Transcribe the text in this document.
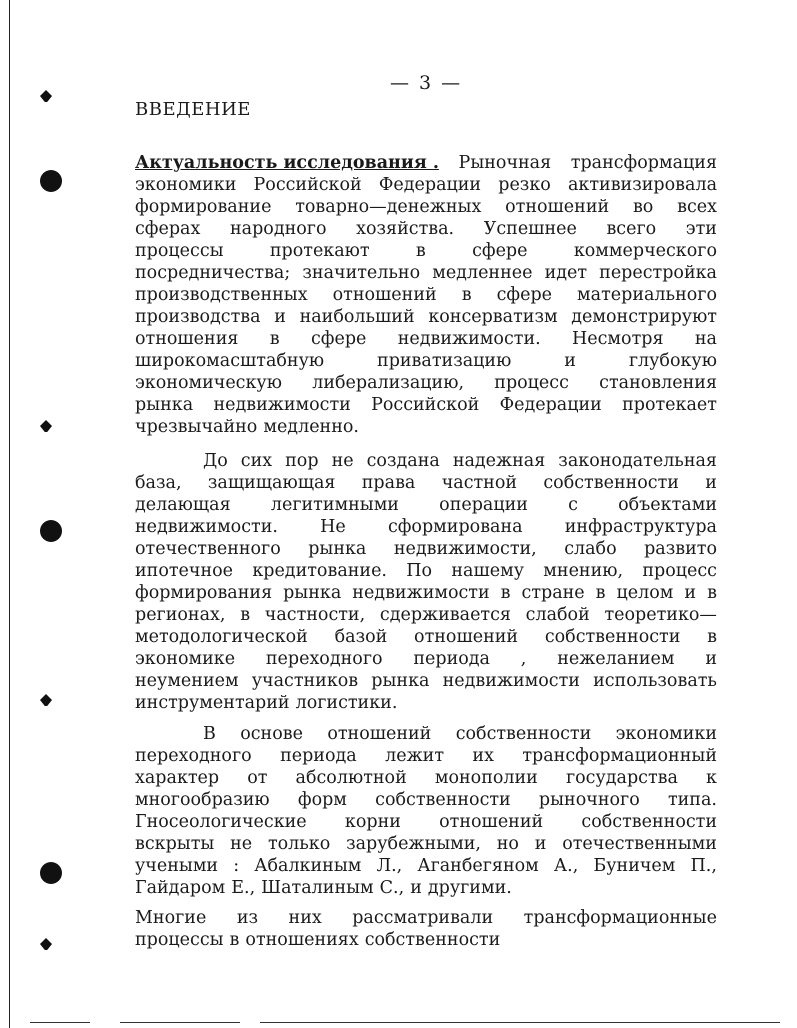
— 3 —
ВВЕДЕНИЕ
Актуальность исследования . Рыночная трансформация
экономики Российской Федерации резко активизировала
формирование товарно—денежных отношений во всех
сферах народного хозяйства. Успешнее всего эти
процессы	протекают	в	сфере	коммерческого
посредничества; значительно медленнее идет перестройка
производственных отношений в сфере материального
производства и наибольший консерватизм демонстрируют
отношения в сфере недвижимости. Несмотря на
широкомасштабную	приватизацию	и	глубокую
экономическую либерализацию, процесс становления
рынка недвижимости Российской Федерации протекает
чрезвычайно медленно.
До сих пор не создана надежная законодательная
база, защищающая права частной собственности и
делающая легитимными операции с объектами
недвижимости. Не сформирована инфраструктура
отечественного рынка недвижимости, слабо развито
ипотечное кредитование. По нашему мнению, процесс
формирования рынка недвижимости в стране в целом и в
регионах, в частности, сдерживается слабой теоретико—
методологической базой отношений собственности в
экономике переходного периода , нежеланием и
неумением участников рынка недвижимости использовать
инструментарий логистики.
В основе отношений собственности экономики
переходного периода лежит их трансформационный
характер от абсолютной монополии государства к
многообразию форм собственности рыночного типа.
Гносеологические корни отношений собственности
вскрыты не только зарубежными, но и отечественными
учеными : Абалкиным Л., Аганбегяном А., Буничем П.,
Гайдаром Е., Шаталиным С., и другими.
Многие из них рассматривали трансформационные
процессы в отношениях собственности
